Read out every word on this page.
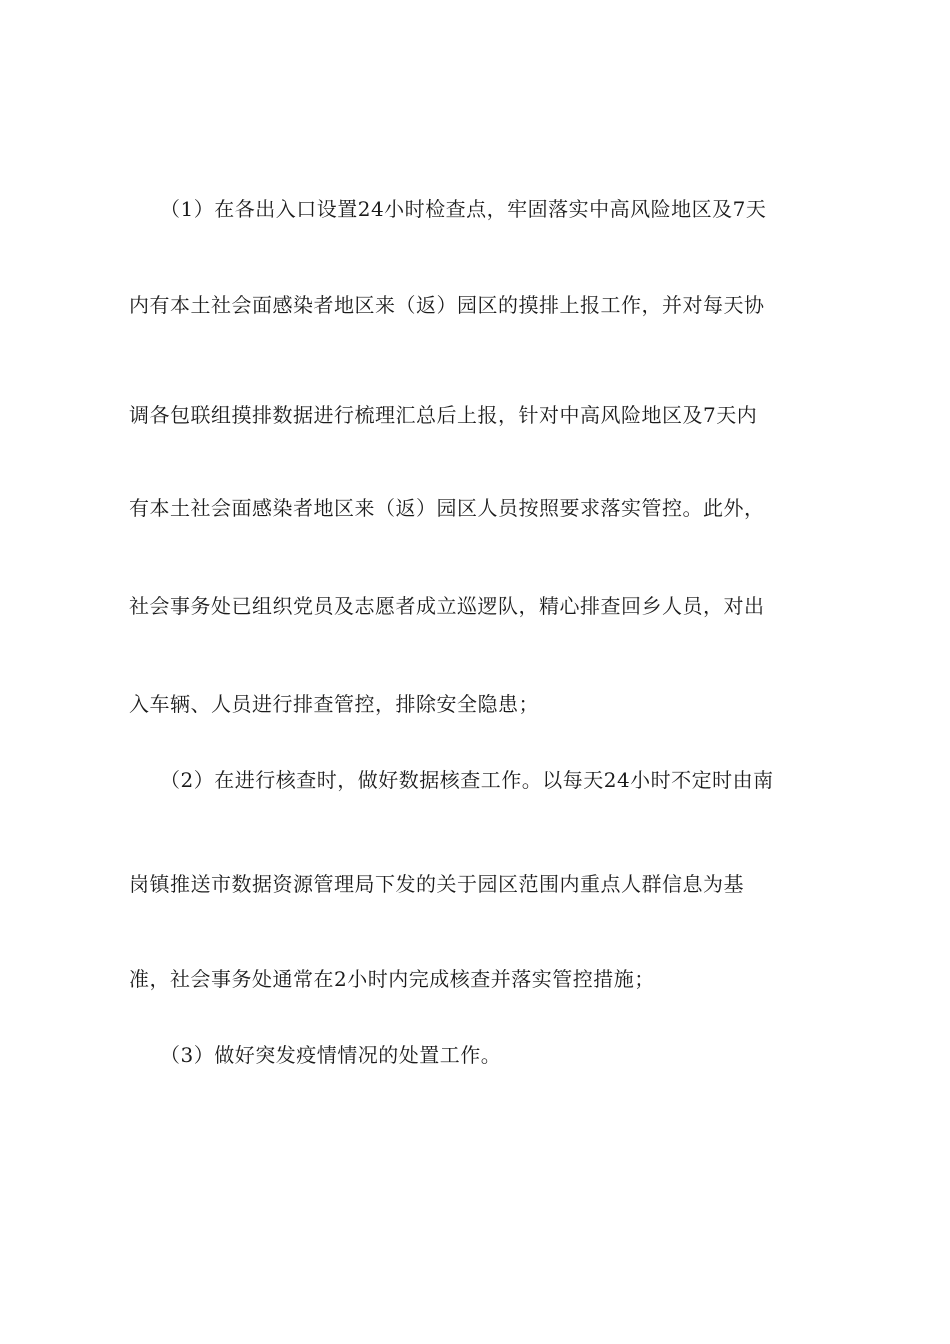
（1）在各出入口设置24小时检查点，牢固落实中高风险地区及7天
内有本土社会面感染者地区来（返）园区的摸排上报工作，并对每天协
调各包联组摸排数据进行梳理汇总后上报，针对中高风险地区及7天内
有本土社会面感染者地区来（返）园区人员按照要求落实管控。此外，
社会事务处已组织党员及志愿者成立巡逻队，精心排查回乡人员，对出
入车辆、人员进行排查管控，排除安全隐患；
（2）在进行核查时，做好数据核查工作。以每天24小时不定时由南
岗镇推送市数据资源管理局下发的关于园区范围内重点人群信息为基
准，社会事务处通常在2小时内完成核查并落实管控措施；
（3）做好突发疫情情况的处置工作。
